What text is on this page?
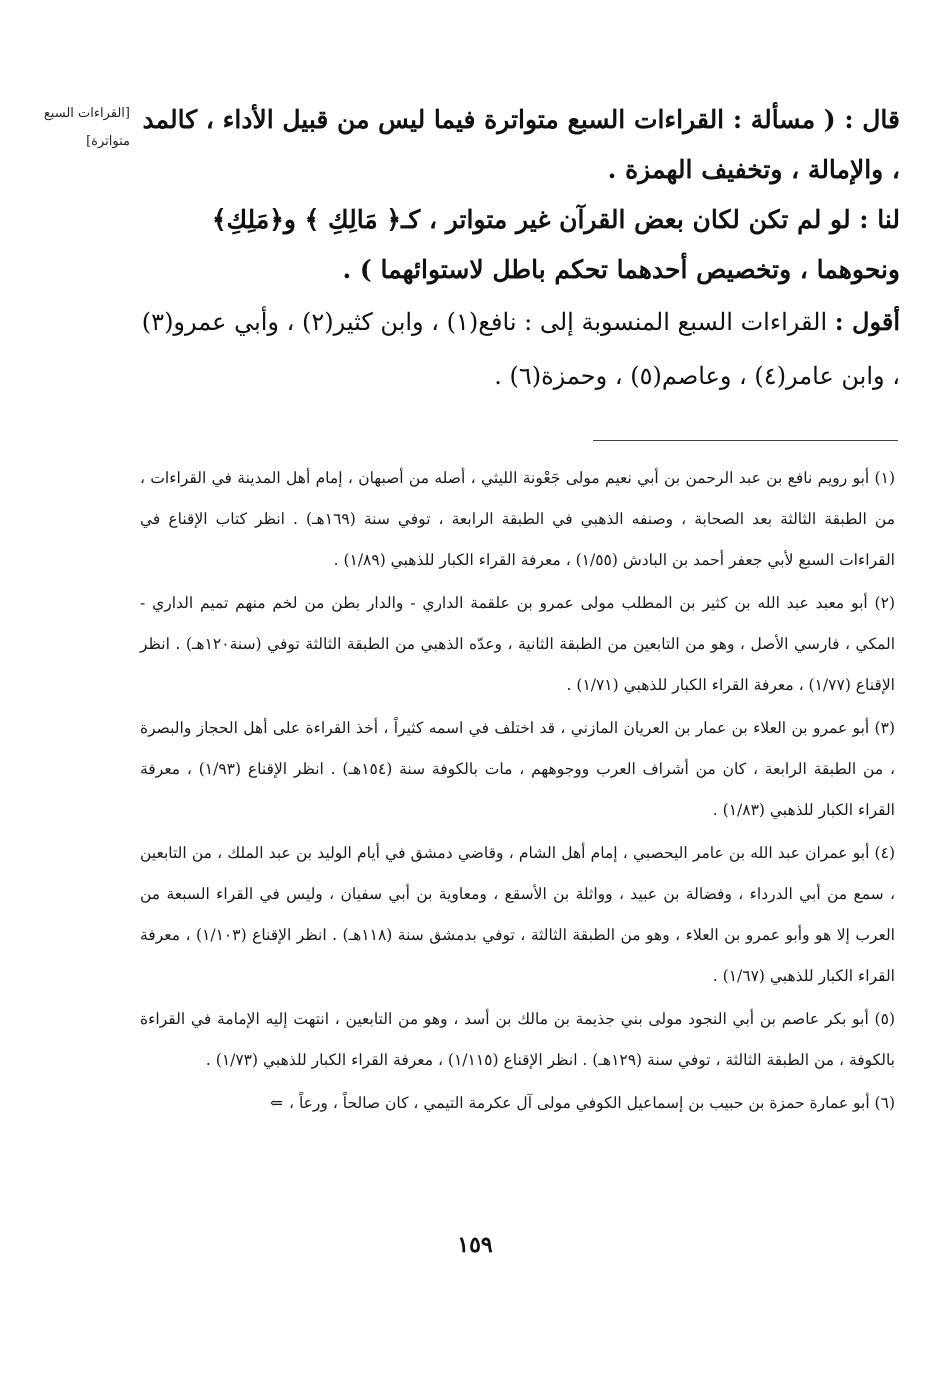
[القراءات السبع متواترة]

قال : ( مسألة : القراءات السبع متواترة فيما ليس من قبيل الأداء ، كالمد ، والإمالة ، وتخفيف الهمزة .

لنا : لو لم تكن لكان بعض القرآن غير متواتر ، كـ﴿ مَالِكِ ﴾ و﴿مَلِكِ﴾ ونحوهما ، وتخصيص أحدهما تحكم باطل لاستوائهما ) .

أقول : القراءات السبع المنسوبة إلى : نافع(١) ، وابن كثير(٢) ، وأبي عمرو(٣) ، وابن عامر(٤) ، وعاصم(٥) ، وحمزة(٦) .

(١) أبو رويم نافع بن عبد الرحمن بن أبي نعيم مولى جَعْونة الليثي ، أصله من أصبهان ، إمام أهل المدينة في القراءات ، من الطبقة الثالثة بعد الصحابة ، وصنفه الذهبي في الطبقة الرابعة ، توفي سنة (١٦٩هـ) . انظر كتاب الإقناع في القراءات السبع لأبي جعفر أحمد بن البادش (١/٥٥) ، معرفة القراء الكبار للذهبي (١/٨٩) .

(٢) أبو معبد عبد الله بن كثير بن المطلب مولى عمرو بن علقمة الداري - والدار بطن من لخم منهم تميم الداري - المكي ، فارسي الأصل ، وهو من التابعين من الطبقة الثانية ، وعدّه الذهبي من الطبقة الثالثة توفي (سنة١٢٠هـ) . انظر الإقناع (١/٧٧) ، معرفة القراء الكبار للذهبي (١/٧١) .

(٣) أبو عمرو بن العلاء بن عمار بن العريان المازني ، قد اختلف في اسمه كثيراً ، أخذ القراءة على أهل الحجاز والبصرة ، من الطبقة الرابعة ، كان من أشراف العرب ووجوههم ، مات بالكوفة سنة (١٥٤هـ) . انظر الإقناع (١/٩٣) ، معرفة القراء الكبار للذهبي (١/٨٣) .

(٤) أبو عمران عبد الله بن عامر اليحصبي ، إمام أهل الشام ، وقاضي دمشق في أيام الوليد بن عبد الملك ، من التابعين ، سمع من أبي الدرداء ، وفضالة بن عبيد ، وواثلة بن الأسقع ، ومعاوية بن أبي سفيان ، وليس في القراء السبعة من العرب إلا هو وأبو عمرو بن العلاء ، وهو من الطبقة الثالثة ، توفي بدمشق سنة (١١٨هـ) . انظر الإقناع (١/١٠٣) ، معرفة القراء الكبار للذهبي (١/٦٧) .

(٥) أبو بكر عاصم بن أبي النجود مولى بني جذيمة بن مالك بن أسد ، وهو من التابعين ، انتهت إليه الإمامة في القراءة بالكوفة ، من الطبقة الثالثة ، توفي سنة (١٢٩هـ) . انظر الإقناع (١/١١٥) ، معرفة القراء الكبار للذهبي (١/٧٣) .

(٦) أبو عمارة حمزة بن حبيب بن إسماعيل الكوفي مولى آل عكرمة التيمي ، كان صالحاً ، ورعاً ،⇐

١٥٩
